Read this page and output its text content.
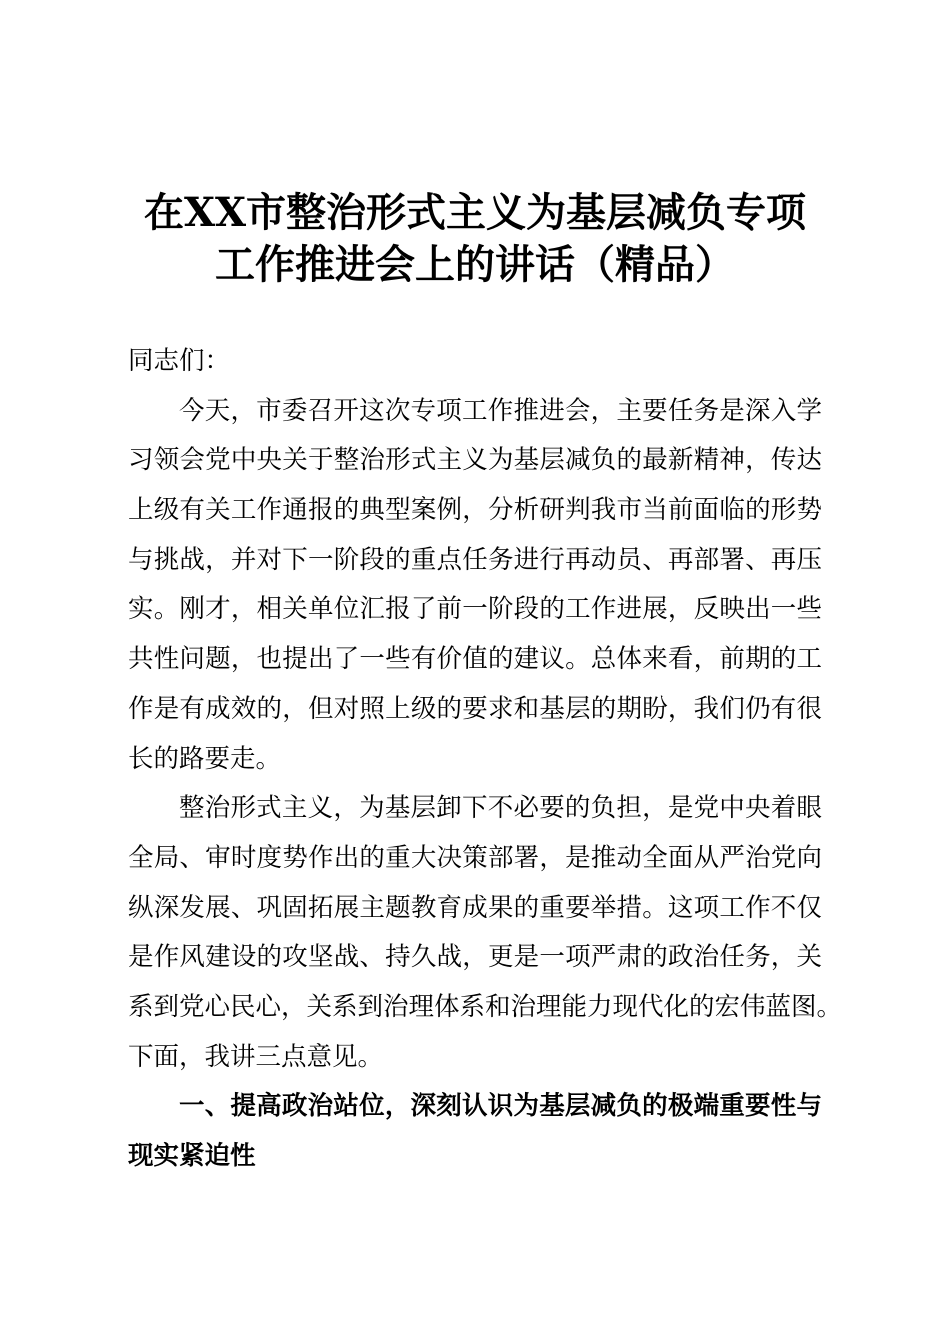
在XX市整治形式主义为基层减负专项
工作推进会上的讲话（精品）
同志们：
今天，市委召开这次专项工作推进会，主要任务是深入学
习领会党中央关于整治形式主义为基层减负的最新精神，传达
上级有关工作通报的典型案例，分析研判我市当前面临的形势
与挑战，并对下一阶段的重点任务进行再动员、再部署、再压
实。刚才，相关单位汇报了前一阶段的工作进展，反映出一些
共性问题，也提出了一些有价值的建议。总体来看，前期的工
作是有成效的，但对照上级的要求和基层的期盼，我们仍有很
长的路要走。
整治形式主义，为基层卸下不必要的负担，是党中央着眼
全局、审时度势作出的重大决策部署，是推动全面从严治党向
纵深发展、巩固拓展主题教育成果的重要举措。这项工作不仅
是作风建设的攻坚战、持久战，更是一项严肃的政治任务，关
系到党心民心，关系到治理体系和治理能力现代化的宏伟蓝图。
下面，我讲三点意见。
一、提高政治站位，深刻认识为基层减负的极端重要性与
现实紧迫性
